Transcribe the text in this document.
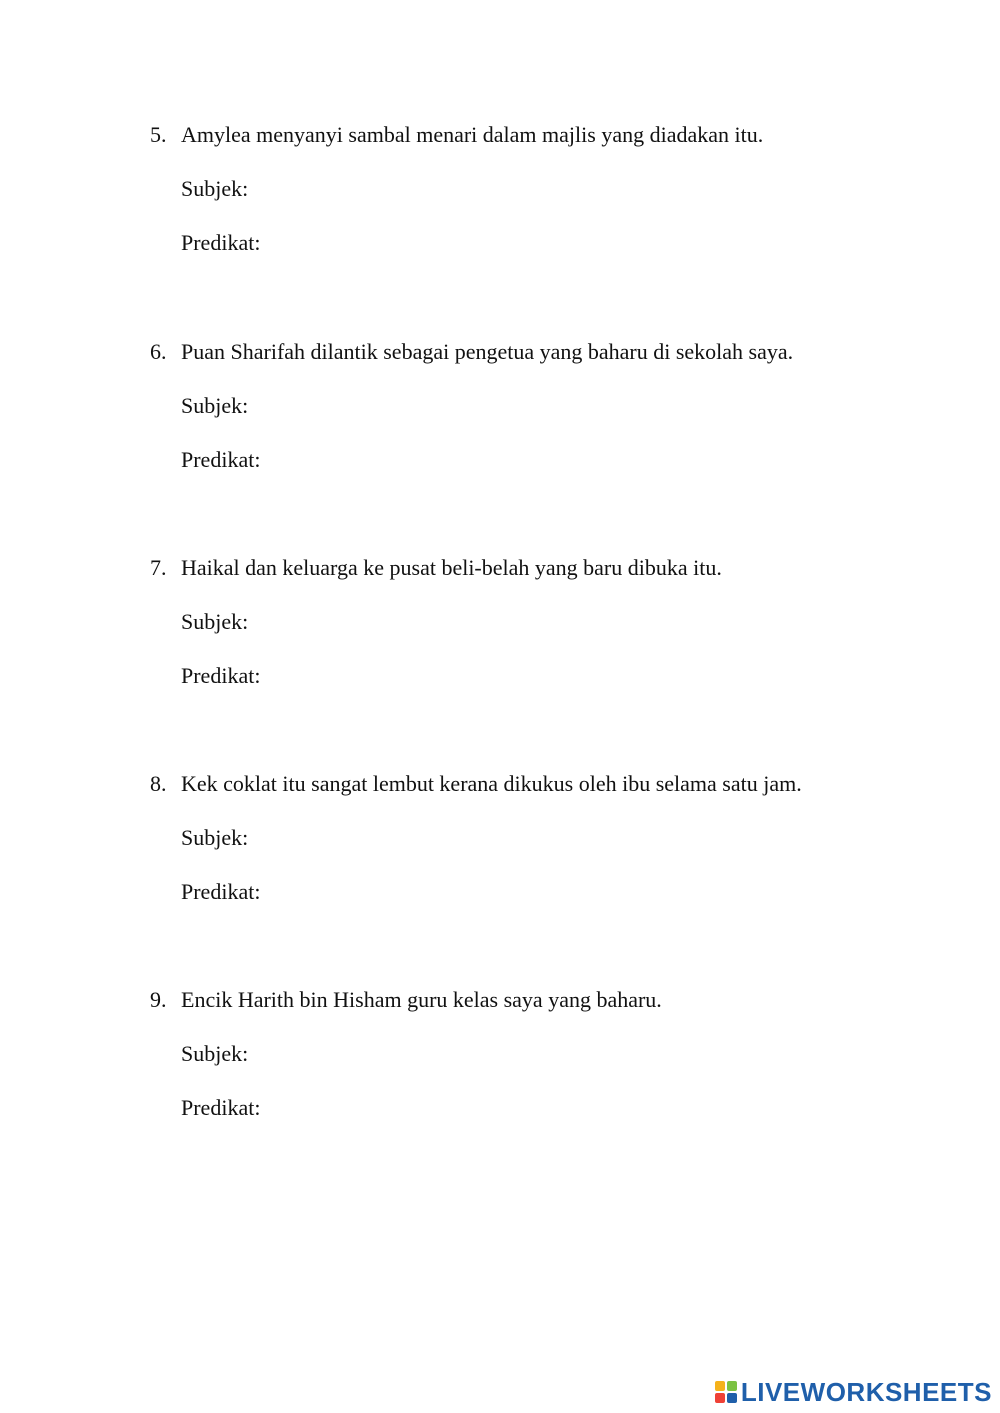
5. Amylea menyanyi sambal menari dalam majlis yang diadakan itu.
Subjek:
Predikat:
6. Puan Sharifah dilantik sebagai pengetua yang baharu di sekolah saya.
Subjek:
Predikat:
7. Haikal dan keluarga ke pusat beli-belah yang baru dibuka itu.
Subjek:
Predikat:
8. Kek coklat itu sangat lembut kerana dikukus oleh ibu selama satu jam.
Subjek:
Predikat:
9. Encik Harith bin Hisham guru kelas saya yang baharu.
Subjek:
Predikat:
LIVEWORKSHEETS
